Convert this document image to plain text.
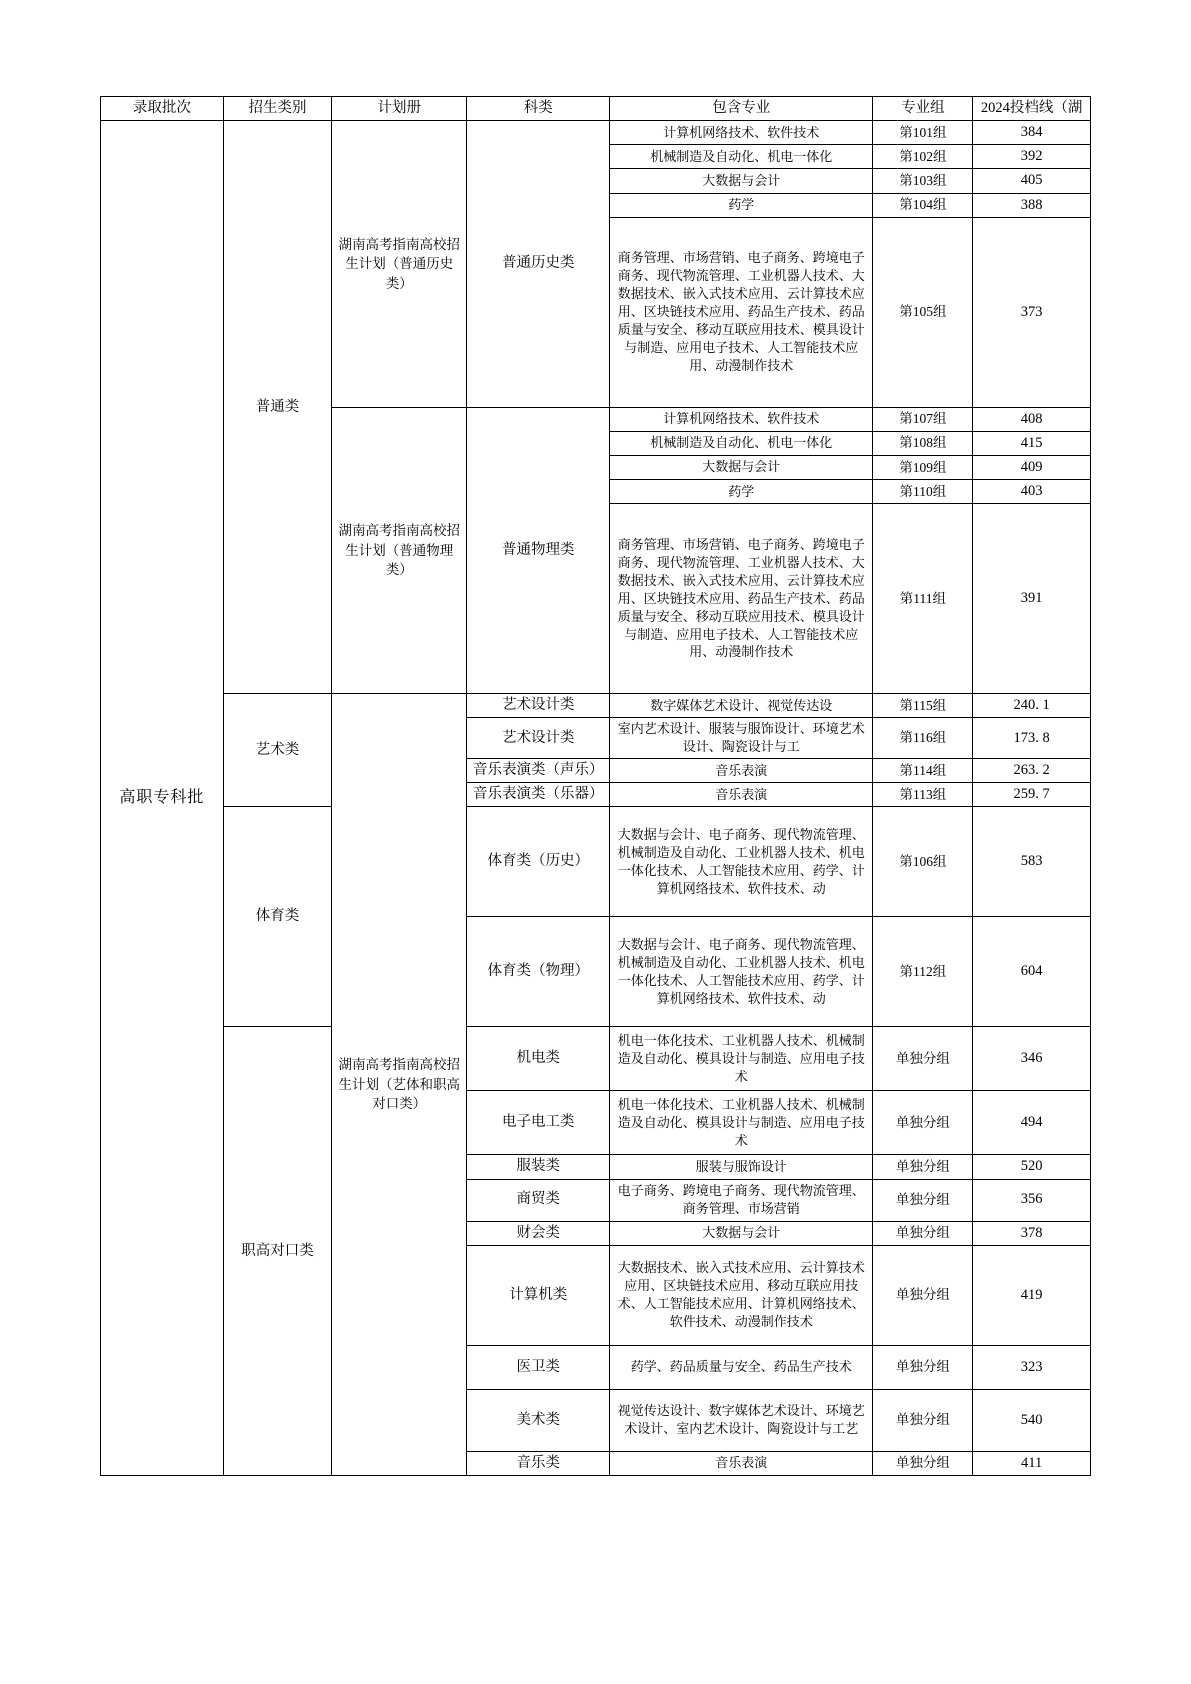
录取批次	招生类别	计划册	科类	包含专业	专业组	2024投档线（湖
高职专科批	普通类	湖南高考指南高校招生计划（普通历史类）	普通历史类	计算机网络技术、软件技术	第101组	384
				机械制造及自动化、机电一体化	第102组	392
				大数据与会计	第103组	405
				药学	第104组	388
				商务管理、市场营销、电子商务、跨境电子商务、现代物流管理、工业机器人技术、大数据技术、嵌入式技术应用、云计算技术应用、区块链技术应用、药品生产技术、药品质量与安全、移动互联应用技术、模具设计与制造、应用电子技术、人工智能技术应用、动漫制作技术	第105组	373
		湖南高考指南高校招生计划（普通物理类）	普通物理类	计算机网络技术、软件技术	第107组	408
				机械制造及自动化、机电一体化	第108组	415
				大数据与会计	第109组	409
				药学	第110组	403
				商务管理、市场营销、电子商务、跨境电子商务、现代物流管理、工业机器人技术、大数据技术、嵌入式技术应用、云计算技术应用、区块链技术应用、药品生产技术、药品质量与安全、移动互联应用技术、模具设计与制造、应用电子技术、人工智能技术应用、动漫制作技术	第111组	391
	艺术类	湖南高考指南高校招生计划（艺体和职高对口类）	艺术设计类	数字媒体艺术设计、视觉传达设	第115组	240. 1
			艺术设计类	室内艺术设计、服装与服饰设计、环境艺术设计、陶瓷设计与工	第116组	173. 8
			音乐表演类（声乐）	音乐表演	第114组	263. 2
			音乐表演类（乐器）	音乐表演	第113组	259. 7
	体育类		体育类（历史）	大数据与会计、电子商务、现代物流管理、机械制造及自动化、工业机器人技术、机电一体化技术、人工智能技术应用、药学、计算机网络技术、软件技术、动	第106组	583
			体育类（物理）	大数据与会计、电子商务、现代物流管理、机械制造及自动化、工业机器人技术、机电一体化技术、人工智能技术应用、药学、计算机网络技术、软件技术、动	第112组	604
	职高对口类		机电类	机电一体化技术、工业机器人技术、机械制造及自动化、模具设计与制造、应用电子技术	单独分组	346
			电子电工类	机电一体化技术、工业机器人技术、机械制造及自动化、模具设计与制造、应用电子技术	单独分组	494
			服装类	服装与服饰设计	单独分组	520
			商贸类	电子商务、跨境电子商务、现代物流管理、商务管理、市场营销	单独分组	356
			财会类	大数据与会计	单独分组	378
			计算机类	大数据技术、嵌入式技术应用、云计算技术应用、区块链技术应用、移动互联应用技术、人工智能技术应用、计算机网络技术、软件技术、动漫制作技术	单独分组	419
			医卫类	药学、药品质量与安全、药品生产技术	单独分组	323
			美术类	视觉传达设计、数字媒体艺术设计、环境艺术设计、室内艺术设计、陶瓷设计与工艺	单独分组	540
			音乐类	音乐表演	单独分组	411
